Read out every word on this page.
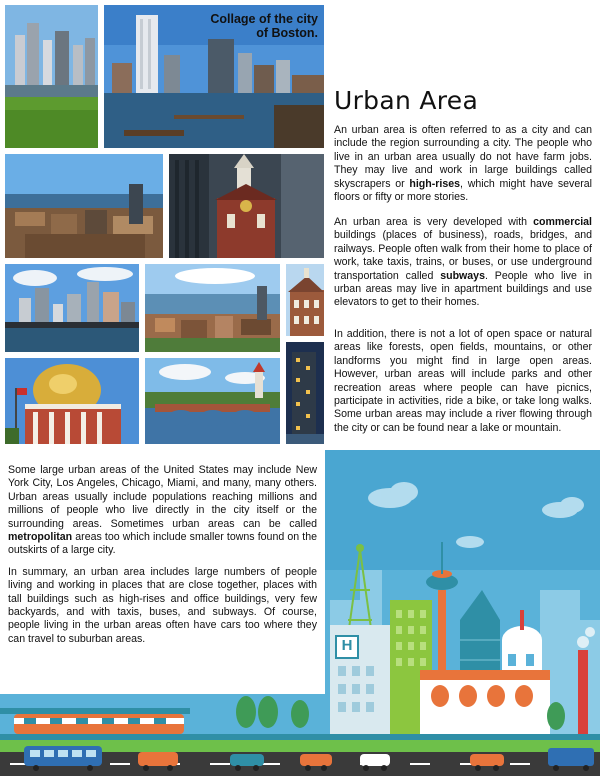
Collage of the city of Boston.
Urban Area

An urban area is often referred to as a city and can include the region surrounding a city. The people who live in an urban area usually do not have farm jobs. They may live and work in large buildings called skyscrapers or high-rises, which might have several floors or fifty or more stories.

An urban area is very developed with commercial buildings (places of business), roads, bridges, and railways. People often walk from their home to place of work, take taxis, trains, or buses, or use underground transportation called subways. People who live in urban areas may live in apartment buildings and use elevators to get to their homes.

In addition, there is not a lot of open space or natural areas like forests, open fields, mountains, or other landforms you might find in large open areas. However, urban areas will include parks and other recreation areas where people can have picnics, participate in activities, ride a bike, or take long walks. Some urban areas may include a river flowing through the city or can be found near a lake or mountain.

H

Some large urban areas of the United States may include New York City, Los Angeles, Chicago, Miami, and many, many others. Urban areas usually include populations reaching millions and millions of people who live directly in the city itself or the surrounding areas. Sometimes urban areas can be called metropolitan areas too which include smaller towns found on the outskirts of a large city.

In summary, an urban area includes large numbers of people living and working in places that are close together, places with tall buildings such as high-rises and office buildings, very few backyards, and with taxis, buses, and subways. Of course, people living in the urban areas often have cars too where they can travel to suburban areas.
